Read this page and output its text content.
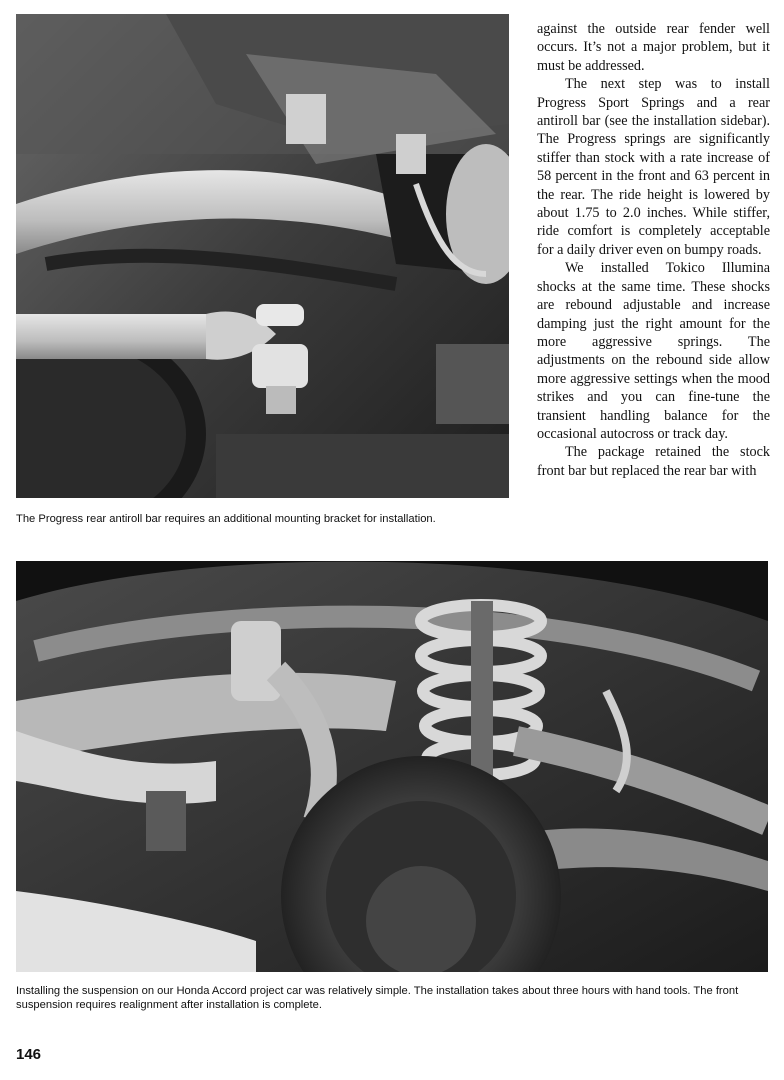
against the outside rear fender well occurs. It’s not a major problem, but it must be addressed.

The next step was to install Progress Sport Springs and a rear antiroll bar (see the installation sidebar). The Progress springs are significantly stiffer than stock with a rate increase of 58 percent in the front and 63 percent in the rear. The ride height is lowered by about 1.75 to 2.0 inches. While stiffer, ride comfort is completely acceptable for a daily driver even on bumpy roads.

We installed Tokico Illumina shocks at the same time. These shocks are rebound adjustable and increase damping just the right amount for the more aggressive springs. The adjustments on the rebound side allow more aggressive settings when the mood strikes and you can fine-tune the transient handling balance for the occasional autocross or track day.

The package retained the stock front bar but replaced the rear bar with

The Progress rear antiroll bar requires an additional mounting bracket for installation.
Installing the suspension on our Honda Accord project car was relatively simple. The installation takes about three hours with hand tools. The front suspension requires realignment after installation is complete.
146
